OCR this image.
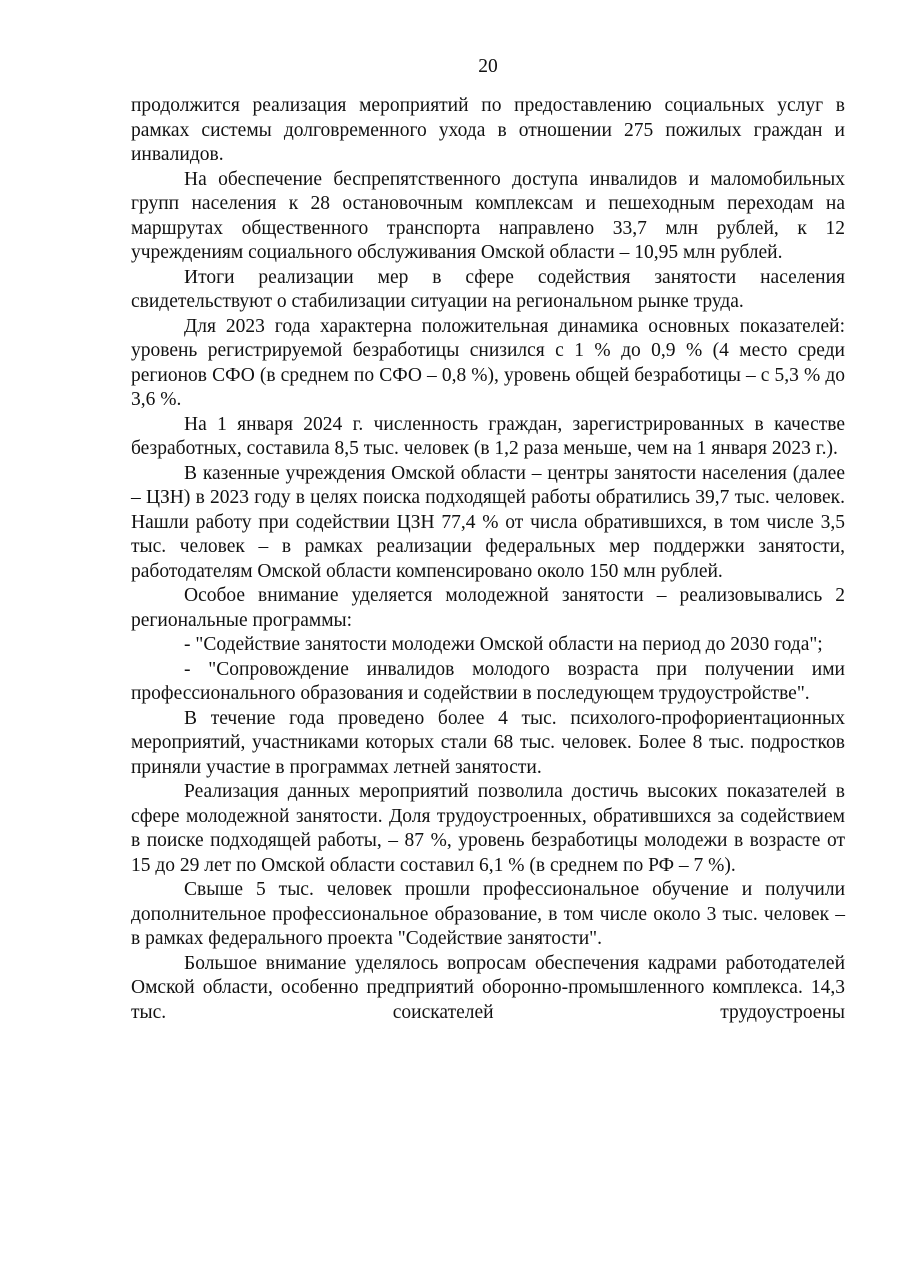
20

продолжится реализация мероприятий по предоставлению социальных услуг в рамках системы долговременного ухода в отношении 275 пожилых граждан и инвалидов.

На обеспечение беспрепятственного доступа инвалидов и маломобильных групп населения к 28 остановочным комплексам и пешеходным переходам на маршрутах общественного транспорта направлено 33,7 млн рублей, к 12 учреждениям социального обслуживания Омской области – 10,95 млн рублей.

Итоги реализации мер в сфере содействия занятости населения свидетельствуют о стабилизации ситуации на региональном рынке труда.

Для 2023 года характерна положительная динамика основных показателей: уровень регистрируемой безработицы снизился с 1 % до 0,9 % (4 место среди регионов СФО (в среднем по СФО – 0,8 %), уровень общей безработицы – с 5,3 % до 3,6 %.

На 1 января 2024 г. численность граждан, зарегистрированных в качестве безработных, составила 8,5 тыс. человек (в 1,2 раза меньше, чем на 1 января 2023 г.).

В казенные учреждения Омской области – центры занятости населения (далее – ЦЗН) в 2023 году в целях поиска подходящей работы обратились 39,7 тыс. человек. Нашли работу при содействии ЦЗН 77,4 % от числа обратившихся, в том числе 3,5 тыс. человек – в рамках реализации федеральных мер поддержки занятости, работодателям Омской области компенсировано около 150 млн рублей.

Особое внимание уделяется молодежной занятости – реализовывались 2 региональные программы:

- "Содействие занятости молодежи Омской области на период до 2030 года";

- "Сопровождение инвалидов молодого возраста при получении ими профессионального образования и содействии в последующем трудоустройстве".

В течение года проведено более 4 тыс. психолого-профориентационных мероприятий, участниками которых стали 68 тыс. человек. Более 8 тыс. подростков приняли участие в программах летней занятости.

Реализация данных мероприятий позволила достичь высоких показателей в сфере молодежной занятости. Доля трудоустроенных, обратившихся за содействием в поиске подходящей работы, – 87 %, уровень безработицы молодежи в возрасте от 15 до 29 лет по Омской области составил 6,1 % (в среднем по РФ – 7 %).

Свыше 5 тыс. человек прошли профессиональное обучение и получили дополнительное профессиональное образование, в том числе около 3 тыс. человек – в рамках федерального проекта "Содействие занятости".

Большое внимание уделялось вопросам обеспечения кадрами работодателей Омской области, особенно предприятий оборонно-промышленного комплекса. 14,3 тыс. соискателей трудоустроены
